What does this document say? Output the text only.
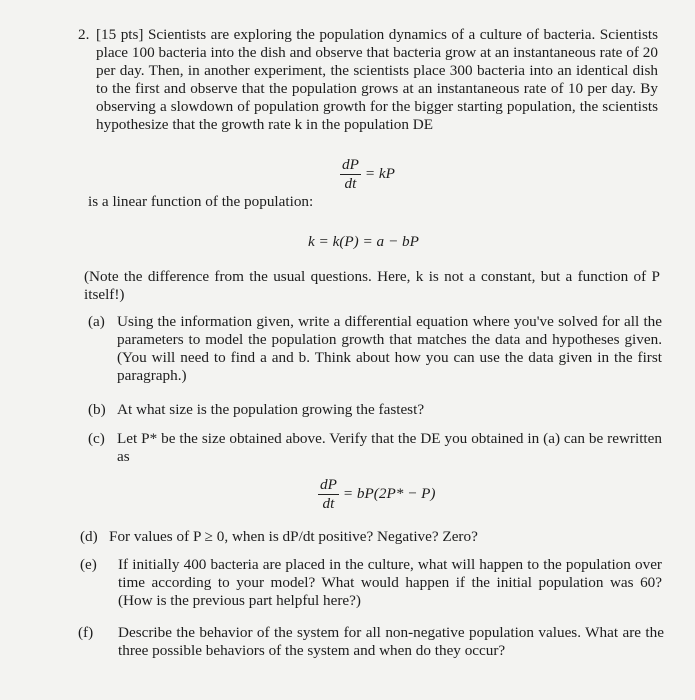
2. [15 pts] Scientists are exploring the population dynamics of a culture of bacteria. Scientists place 100 bacteria into the dish and observe that bacteria grow at an instantaneous rate of 20 per day. Then, in another experiment, the scientists place 300 bacteria into an identical dish to the first and observe that the population grows at an instantaneous rate of 10 per day. By observing a slowdown of population growth for the bigger starting population, the scientists hypothesize that the growth rate k in the population DE

$\frac{dP}{dt}$ = kP

is a linear function of the population:

k = k(P) = a − bP

(Note the difference from the usual questions. Here, k is not a constant, but a function of P itself!)

(a) Using the information given, write a differential equation where you've solved for all the parameters to model the population growth that matches the data and hypotheses given. (You will need to find a and b. Think about how you can use the data given in the first paragraph.)
(b) At what size is the population growing the fastest?
(c) Let P* be the size obtained above. Verify that the DE you obtained in (a) can be rewritten as
$\frac{dP}{dt} = bP(2P* - P)$
(d) For values of P ≥ 0, when is dP/dt positive? Negative? Zero?
(e) If initially 400 bacteria are placed in the culture, what will happen to the population over time according to your model? What would happen if the initial population was 60? (How is the previous part helpful here?)
(f) Describe the behavior of the system for all non-negative population values. What are the three possible behaviors of the system and when do they occur?
